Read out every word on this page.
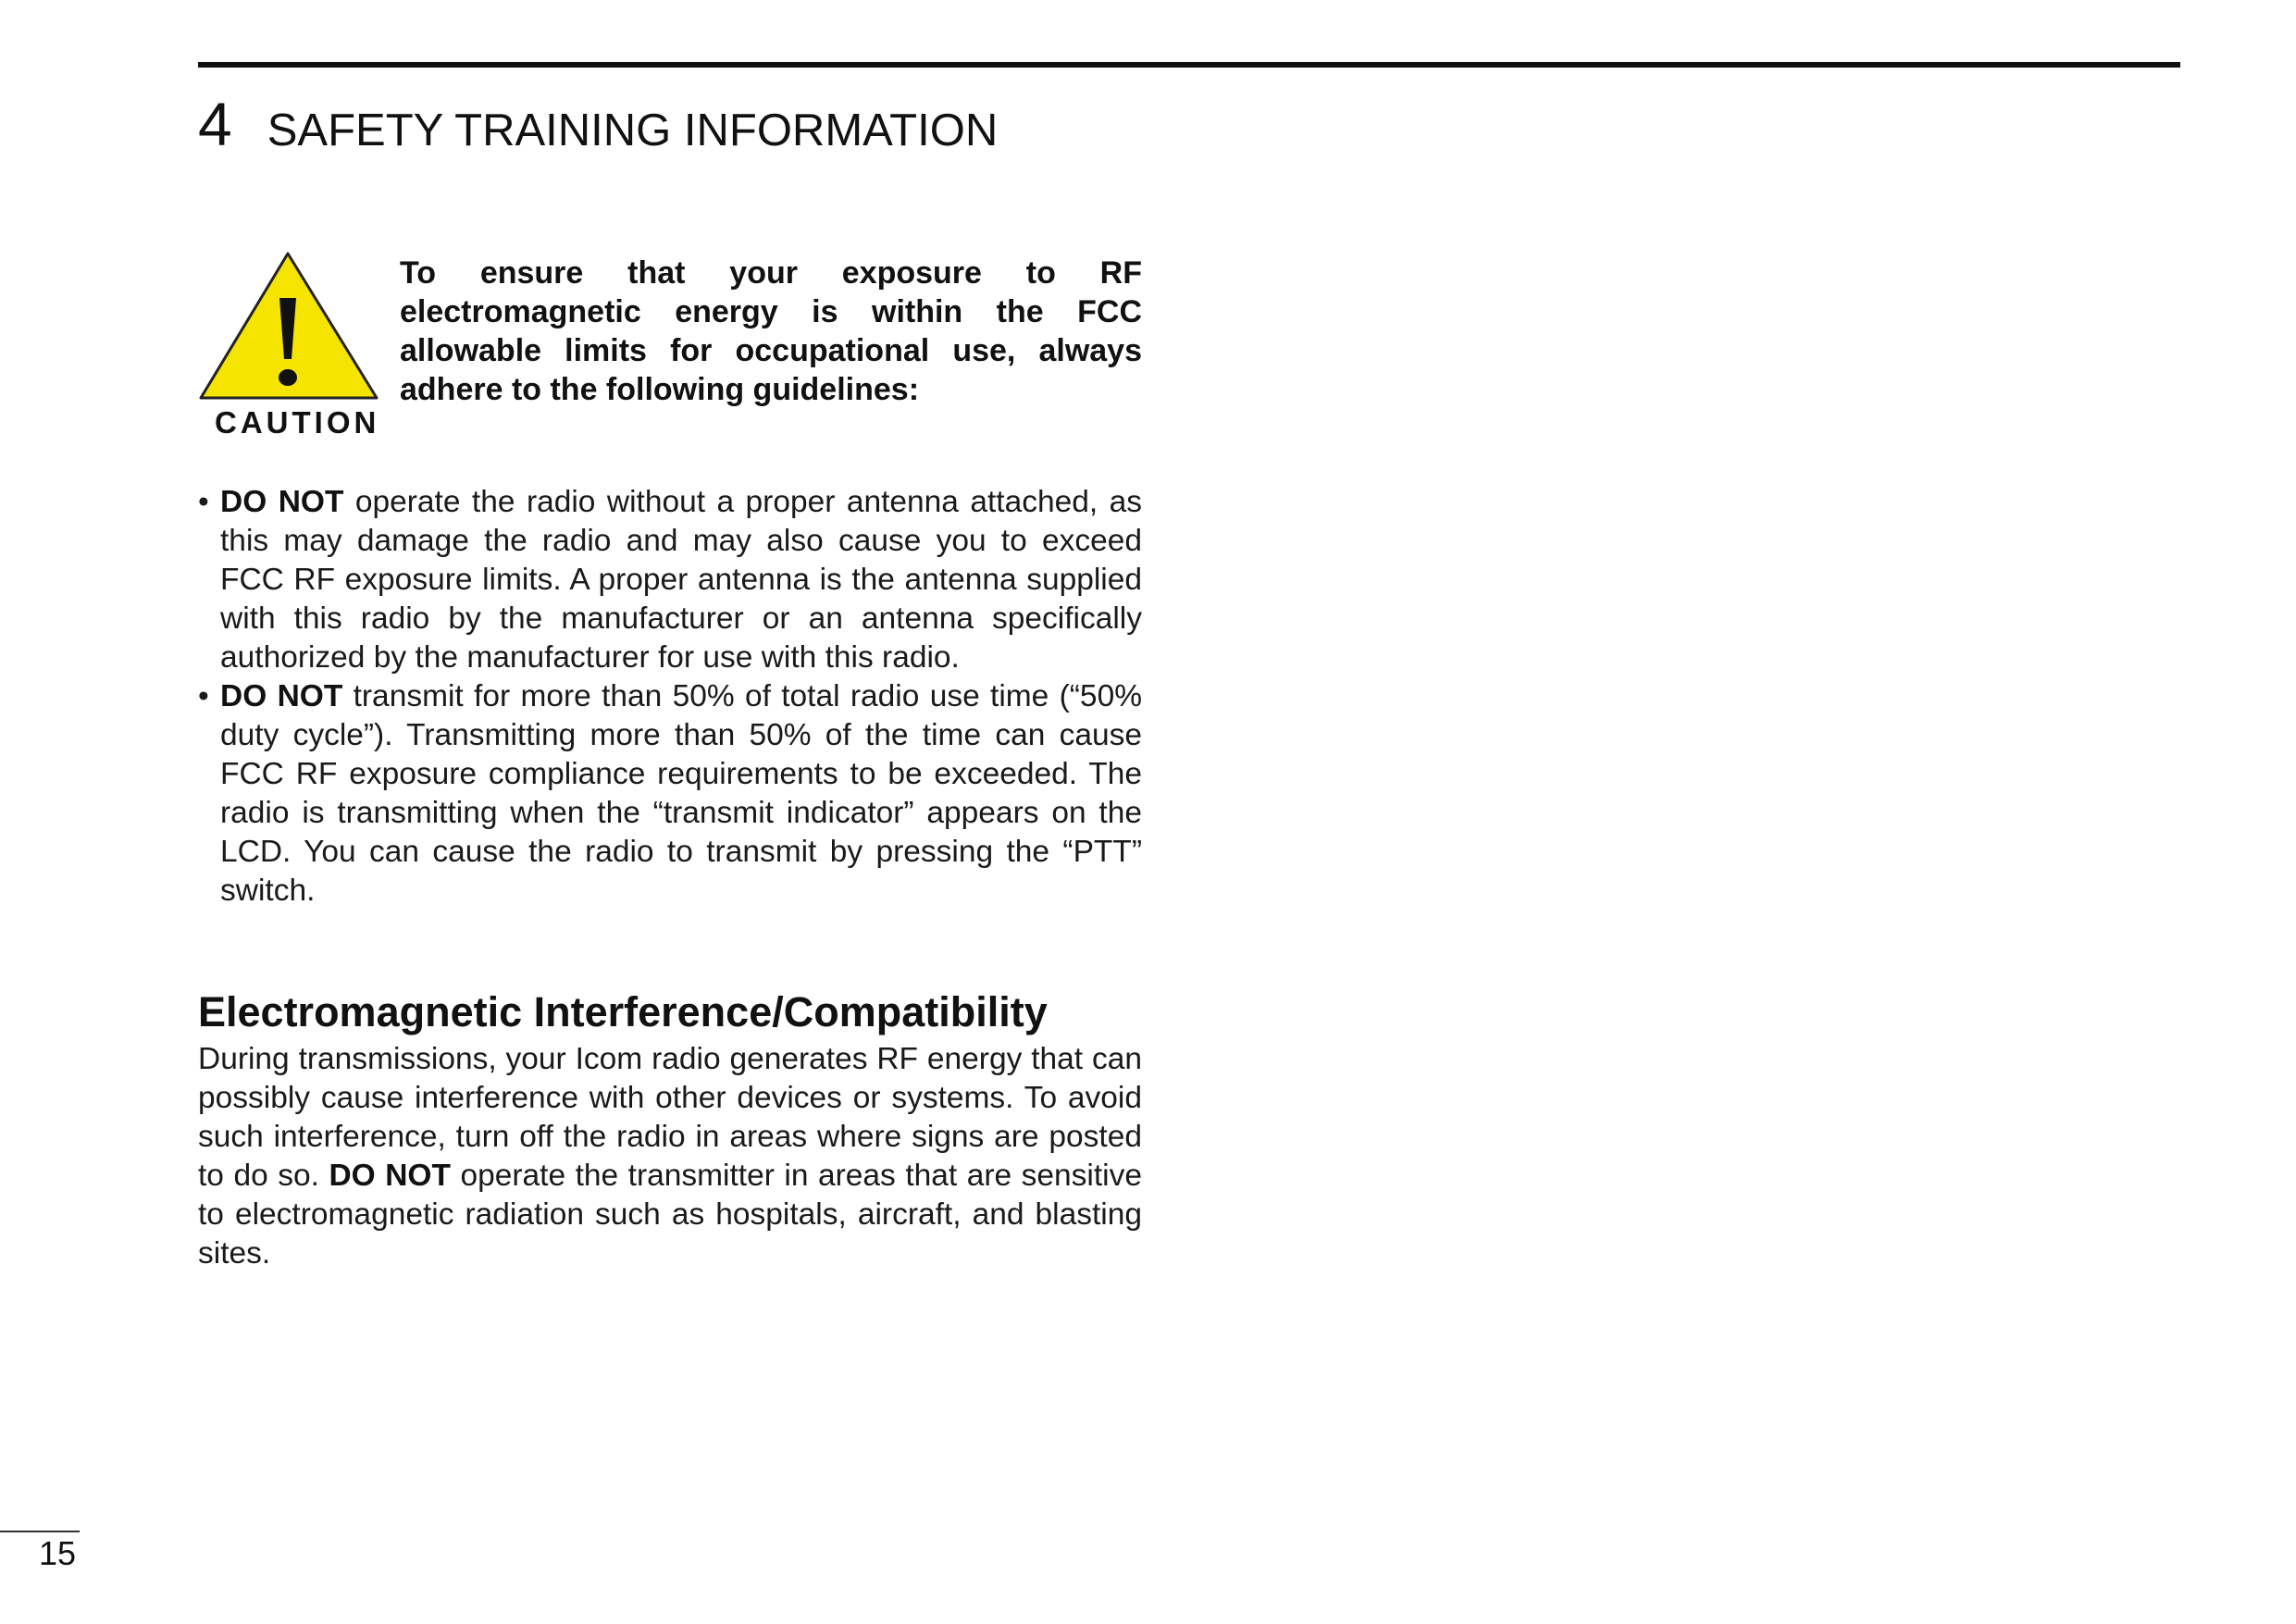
4 SAFETY TRAINING INFORMATION
CAUTION
To ensure that your exposure to RF electromagnetic energy is within the FCC allowable limits for occupational use, always adhere to the following guidelines:
• DO NOT operate the radio without a proper antenna attached, as this may damage the radio and may also cause you to exceed FCC RF exposure limits. A proper antenna is the antenna supplied with this radio by the manufacturer or an antenna specifically authorized by the manufacturer for use with this radio.
• DO NOT transmit for more than 50% of total radio use time (“50% duty cycle”). Transmitting more than 50% of the time can cause FCC RF exposure compliance requirements to be exceeded. The radio is transmitting when the “transmit indicator” appears on the LCD. You can cause the radio to transmit by pressing the “PTT” switch.
Electromagnetic Interference/Compatibility

During transmissions, your Icom radio generates RF energy that can possibly cause interference with other devices or systems. To avoid such interference, turn off the radio in areas where signs are posted to do so. DO NOT operate the transmitter in areas that are sensitive to electromagnetic radiation such as hospitals, aircraft, and blasting sites.

15
